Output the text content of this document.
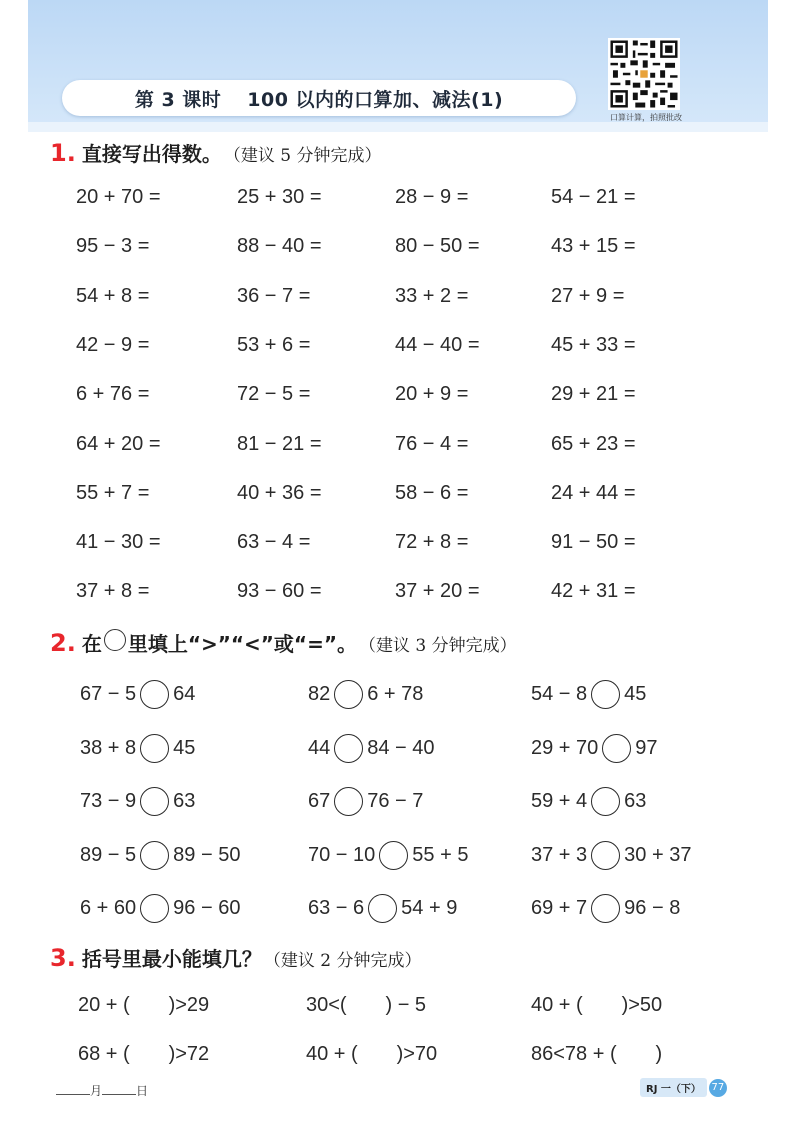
第 3 课时 100 以内的口算加、减法(1)
口算计算，拍照批改
1. 直接写出得数。 （建议 5 分钟完成）
20 + 70 =	25 + 30 =	28 − 9 =	54 − 21 =
95 − 3 =	88 − 40 =	80 − 50 =	43 + 15 =
54 + 8 =	36 − 7 =	33 + 2 =	27 + 9 =
42 − 9 =	53 + 6 =	44 − 40 =	45 + 33 =
6 + 76 =	72 − 5 =	20 + 9 =	29 + 21 =
64 + 20 =	81 − 21 =	76 − 4 =	65 + 23 =
55 + 7 =	40 + 36 =	58 − 6 =	24 + 44 =
41 − 30 =	63 − 4 =	72 + 8 =	91 − 50 =
37 + 8 =	93 − 60 =	37 + 20 =	42 + 31 =
2. 在 里填上“>”“<”或“=”。 （建议 3 分钟完成）
67 − 5 64	82 6 + 78	54 − 8 45
38 + 8 45	44 84 − 40	29 + 70 97
73 − 9 63	67 76 − 7	59 + 4 63
89 − 5 89 − 50	70 − 10 55 + 5	37 + 3 30 + 37
6 + 60 96 − 60	63 − 6 54 + 9	69 + 7 96 − 8
3. 括号里最小能填几？ （建议 2 分钟完成）
20 + (       )>29	30<(       ) − 5	40 + (       )>50
68 + (       )>72	40 + (       )>70	86<78 + (       )
月	日	RJ 一（下）	77
